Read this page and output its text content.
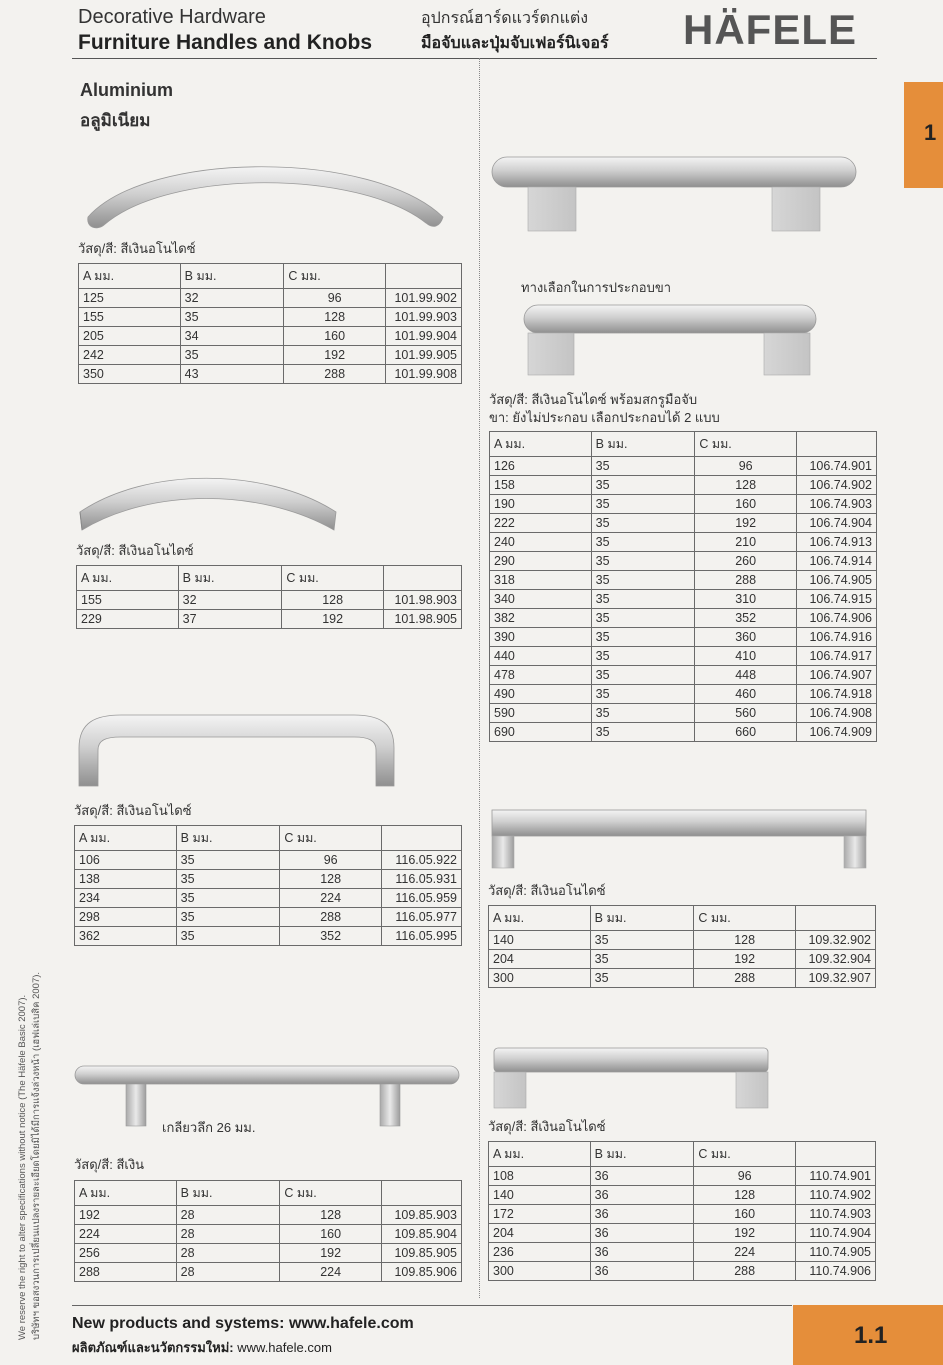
Decorative Hardware
Furniture Handles and Knobs
อุปกรณ์ฮาร์ดแวร์ตกแต่ง
มือจับและปุ่มจับเฟอร์นิเจอร์ HÄFELE
Aluminium
อลูมิเนียม	1
We reserve the right to alter specifications without notice (The Häfele Basic 2007). บริษัทฯ ขอสงวนการเปลี่ยนแปลงรายละเอียดโดยมิได้มีการแจ้งล่วงหน้า (เฮฟเล่เบสิค 2007).
วัสดุ/สี: สีเงินอโนไดซ์
A มม.	B มม.	C มม.	
125	32	96	101.99.902
155	35	128	101.99.903
205	34	160	101.99.904
242	35	192	101.99.905
350	43	288	101.99.908
วัสดุ/สี: สีเงินอโนไดซ์
A มม.	B มม.	C มม.	
155	32	128	101.98.903
229	37	192	101.98.905
วัสดุ/สี: สีเงินอโนไดซ์
A มม.	B มม.	C มม.	
106	35	96	116.05.922
138	35	128	116.05.931
234	35	224	116.05.959
298	35	288	116.05.977
362	35	352	116.05.995
เกลียวลึก 26 มม.
วัสดุ/สี: สีเงิน
A มม.	B มม.	C มม.	
192	28	128	109.85.903
224	28	160	109.85.904
256	28	192	109.85.905
288	28	224	109.85.906
ทางเลือกในการประกอบขา
วัสดุ/สี: สีเงินอโนไดซ์ พร้อมสกรูมือจับ
ขา: ยังไม่ประกอบ เลือกประกอบได้ 2 แบบ
A มม.	B มม.	C มม.	
126	35	96	106.74.901
158	35	128	106.74.902
190	35	160	106.74.903
222	35	192	106.74.904
240	35	210	106.74.913
290	35	260	106.74.914
318	35	288	106.74.905
340	35	310	106.74.915
382	35	352	106.74.906
390	35	360	106.74.916
440	35	410	106.74.917
478	35	448	106.74.907
490	35	460	106.74.918
590	35	560	106.74.908
690	35	660	106.74.909
วัสดุ/สี: สีเงินอโนไดซ์
A มม.	B มม.	C มม.	
140	35	128	109.32.902
204	35	192	109.32.904
300	35	288	109.32.907
วัสดุ/สี: สีเงินอโนไดซ์
A มม.	B มม.	C มม.	
108	36	96	110.74.901
140	36	128	110.74.902
172	36	160	110.74.903
204	36	192	110.74.904
236	36	224	110.74.905
300	36	288	110.74.906
New products and systems: www.hafele.com
ผลิตภัณฑ์และนวัตกรรมใหม่: www.hafele.com	1.1
